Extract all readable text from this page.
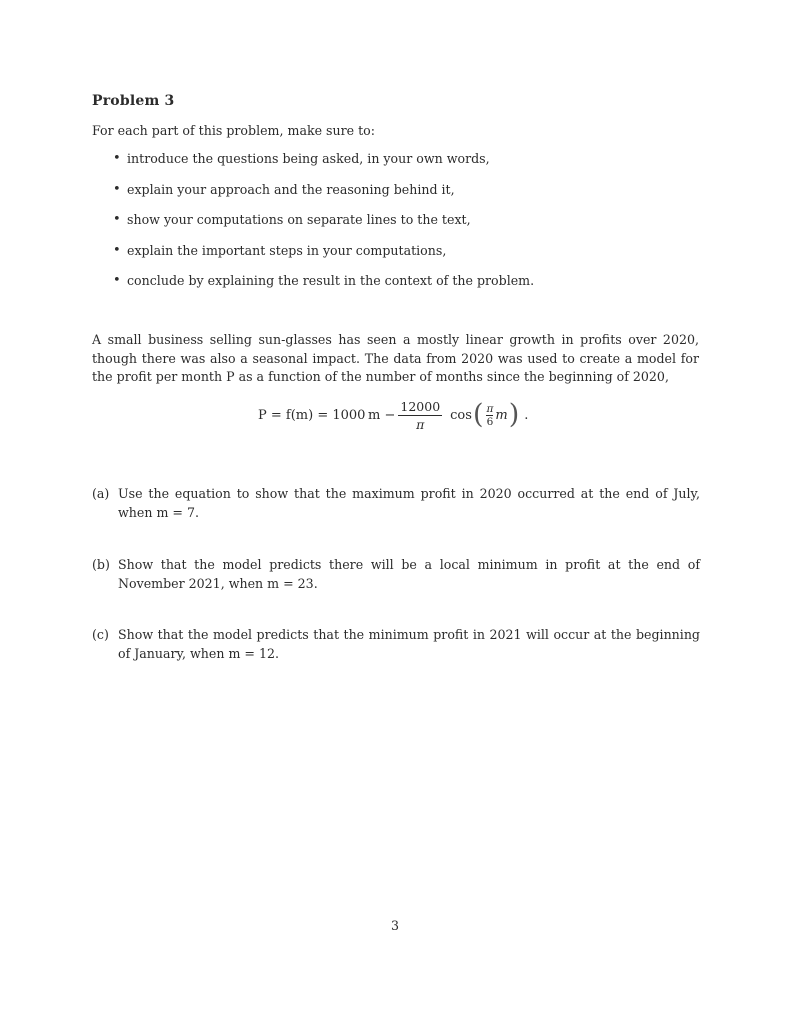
Problem 3
For each part of this problem, make sure to:
• introduce the questions being asked, in your own words,
• explain your approach and the reasoning behind it,
• show your computations on separate lines to the text,
• explain the important steps in your computations,
• conclude by explaining the result in the context of the problem.
A small business selling sun-glasses has seen a mostly linear growth in profits over 2020, though there was also a seasonal impact. The data from 2020 was used to create a model for the profit per month P as a function of the number of months since the beginning of 2020,
P = f(m) = 1000 $m - \frac{12000}{\pi}$ cos ( $\frac{\pi}{6}$ m ) .
(a) Use the equation to show that the maximum profit in 2020 occurred at the end of July, when m = 7.
(b) Show that the model predicts there will be a local minimum in profit at the end of November 2021, when m = 23.
(c) Show that the model predicts that the minimum profit in 2021 will occur at the beginning of January, when m = 12.
3
